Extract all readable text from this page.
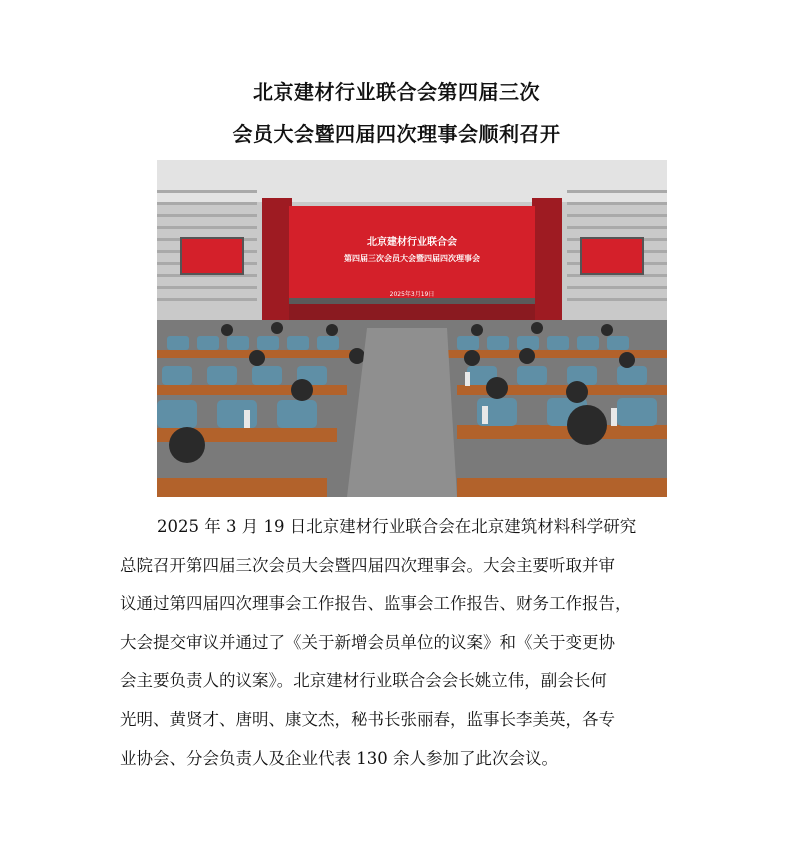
北京建材行业联合会第四届三次
会员大会暨四届四次理事会顺利召开
北京建材行业联合会
第四届三次会员大会暨四届四次理事会
2025年3月19日
2025 年 3 月 19 日北京建材行业联合会在北京建筑材料科学研究
总院召开第四届三次会员大会暨四届四次理事会。大会主要听取并审
议通过第四届四次理事会工作报告、监事会工作报告、财务工作报告，
大会提交审议并通过了《关于新增会员单位的议案》和《关于变更协
会主要负责人的议案》。北京建材行业联合会会长姚立伟，副会长何
光明、黄贤才、唐明、康文杰，秘书长张丽春，监事长李美英，各专
业协会、分会负责人及企业代表 130 余人参加了此次会议。
